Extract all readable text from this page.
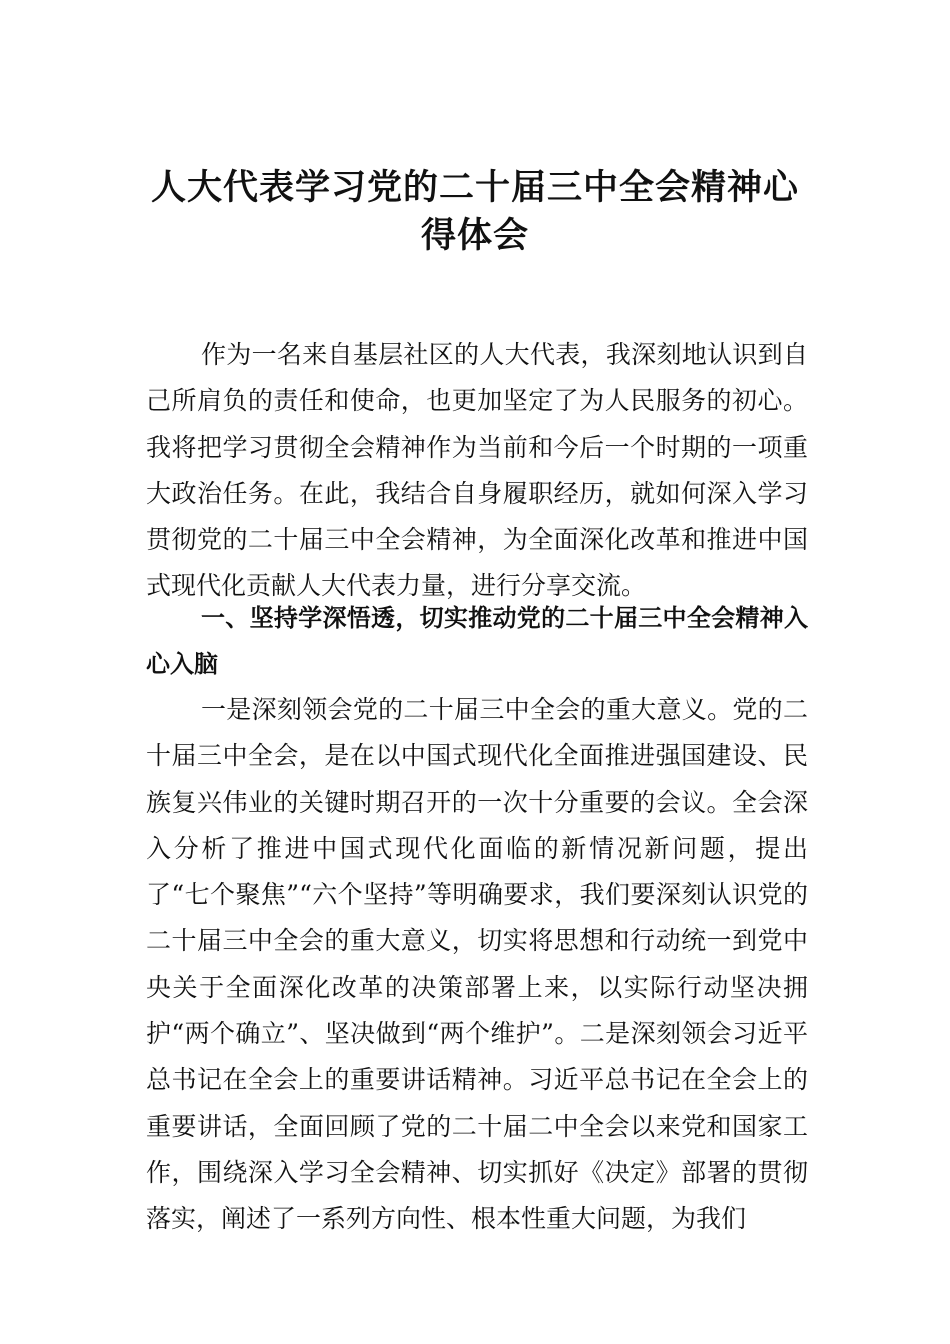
人大代表学习党的二十届三中全会精神心
得体会

作为一名来自基层社区的人大代表，我深刻地认识到自己所肩负的责任和使命，也更加坚定了为人民服务的初心。我将把学习贯彻全会精神作为当前和今后一个时期的一项重大政治任务。在此，我结合自身履职经历，就如何深入学习贯彻党的二十届三中全会精神，为全面深化改革和推进中国式现代化贡献人大代表力量，进行分享交流。

一、坚持学深悟透，切实推动党的二十届三中全会精神入心入脑

一是深刻领会党的二十届三中全会的重大意义。党的二十届三中全会，是在以中国式现代化全面推进强国建设、民族复兴伟业的关键时期召开的一次十分重要的会议。全会深入分析了推进中国式现代化面临的新情况新问题，提出了“七个聚焦”“六个坚持”等明确要求，我们要深刻认识党的二十届三中全会的重大意义，切实将思想和行动统一到党中央关于全面深化改革的决策部署上来，以实际行动坚决拥护“两个确立”、坚决做到“两个维护”。二是深刻领会习近平总书记在全会上的重要讲话精神。习近平总书记在全会上的重要讲话，全面回顾了党的二十届二中全会以来党和国家工作，围绕深入学习全会精神、切实抓好《决定》部署的贯彻落实，阐述了一系列方向性、根本性重大问题，为我们
